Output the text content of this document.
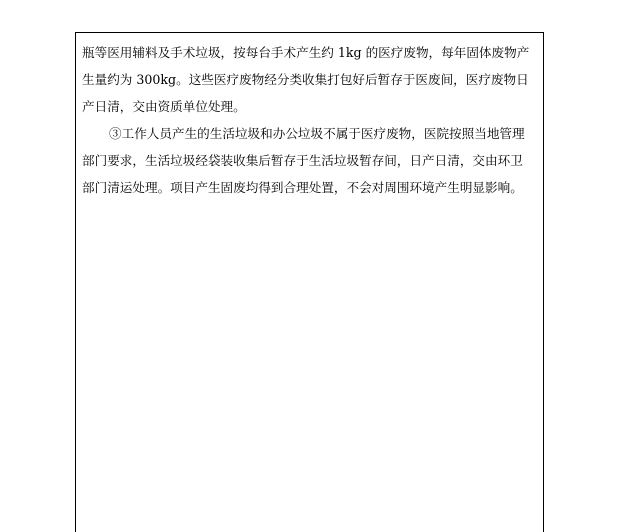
瓶等医用辅料及手术垃圾，按每台手术产生约 1kg 的医疗废物，每年固体废物产
生量约为 300kg。这些医疗废物经分类收集打包好后暂存于医废间，医疗废物日
产日清，交由资质单位处理。

③工作人员产生的生活垃圾和办公垃圾不属于医疗废物，医院按照当地管理
部门要求，生活垃圾经袋装收集后暂存于生活垃圾暂存间，日产日清，交由环卫
部门清运处理。项目产生固废均得到合理处置，不会对周围环境产生明显影响。
